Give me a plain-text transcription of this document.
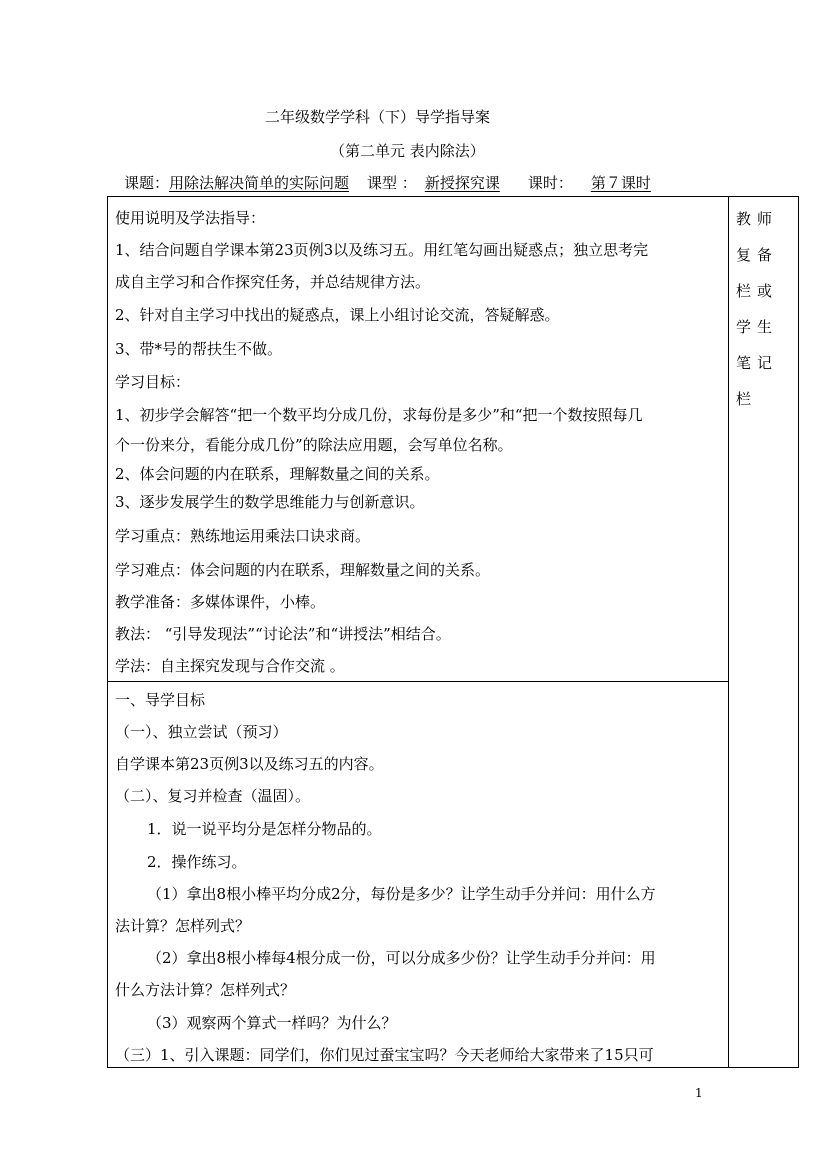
二年级数学学科（下）导学指导案
（第二单元 表内除法）
课题：用除法解决简单的实际问题 课型 ： 新授探究课 课时： 第７课时
教师复备栏或学生笔记栏
使用说明及学法指导：
1、结合问题自学课本第23页例3以及练习五。用红笔勾画出疑惑点；独立思考完
成自主学习和合作探究任务，并总结规律方法。
2、针对自主学习中找出的疑惑点，课上小组讨论交流，答疑解惑。
3、带*号的帮扶生不做。
学习目标：
1、初步学会解答“把一个数平均分成几份，求每份是多少”和“把一个数按照每几
个一份来分，看能分成几份”的除法应用题，会写单位名称。
2、体会问题的内在联系，理解数量之间的关系。
3、逐步发展学生的数学思维能力与创新意识。
学习重点：熟练地运用乘法口诀求商。
学习难点：体会问题的内在联系，理解数量之间的关系。
教学准备：多媒体课件，小棒。
教法： “引导发现法”“讨论法”和“讲授法”相结合。
学法：自主探究发现与合作交流 。
一、导学目标
（一）、独立尝试（预习）
自学课本第23页例3以及练习五的内容。
（二）、复习并检查（温固）。
1．说一说平均分是怎样分物品的。
2．操作练习。
（1）拿出8根小棒平均分成2分，每份是多少？让学生动手分并问：用什么方
法计算？怎样列式？
（2）拿出8根小棒每4根分成一份，可以分成多少份？让学生动手分并问：用
什么方法计算？怎样列式？
（3）观察两个算式一样吗？为什么？
（三）1、引入课题：同学们，你们见过蚕宝宝吗？今天老师给大家带来了15只可
1
